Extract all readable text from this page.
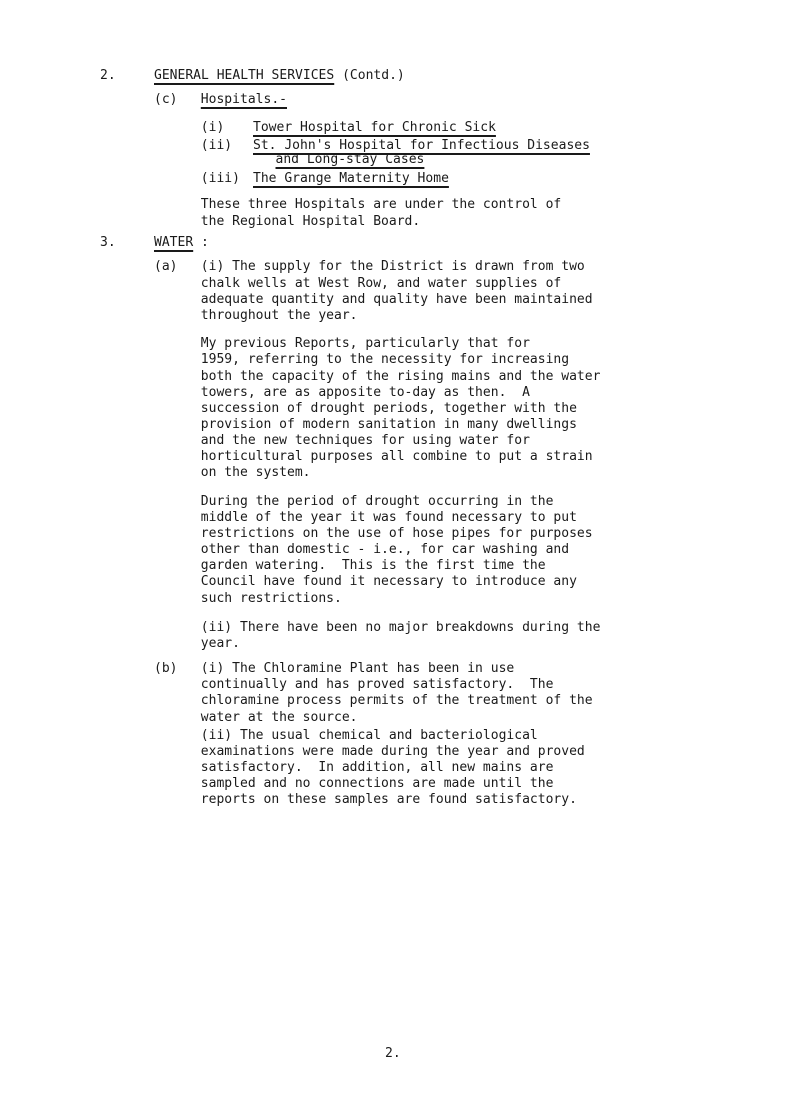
2.	GENERAL HEALTH SERVICES (Contd.)
(c) Hospitals.-
(i) Tower Hospital for Chronic Sick
(ii) St. John's Hospital for Infectious Diseases
and Long-stay Cases
(iii) The Grange Maternity Home
These three Hospitals are under the control of
the Regional Hospital Board.
3.	WATER :
(a) (i) The supply for the District is drawn from two
chalk wells at West Row, and water supplies of
adequate quantity and quality have been maintained
throughout the year.
My previous Reports, particularly that for
1959, referring to the necessity for increasing
both the capacity of the rising mains and the water
towers, are as apposite to-day as then.  A
succession of drought periods, together with the
provision of modern sanitation in many dwellings
and the new techniques for using water for
horticultural purposes all combine to put a strain
on the system.
During the period of drought occurring in the
middle of the year it was found necessary to put
restrictions on the use of hose pipes for purposes
other than domestic - i.e., for car washing and
garden watering.  This is the first time the
Council have found it necessary to introduce any
such restrictions.
(ii) There have been no major breakdowns during the
year.
(b) (i) The Chloramine Plant has been in use
continually and has proved satisfactory.  The
chloramine process permits of the treatment of the
water at the source.
(ii) The usual chemical and bacteriological
examinations were made during the year and proved
satisfactory.  In addition, all new mains are
sampled and no connections are made until the
reports on these samples are found satisfactory.
2.
